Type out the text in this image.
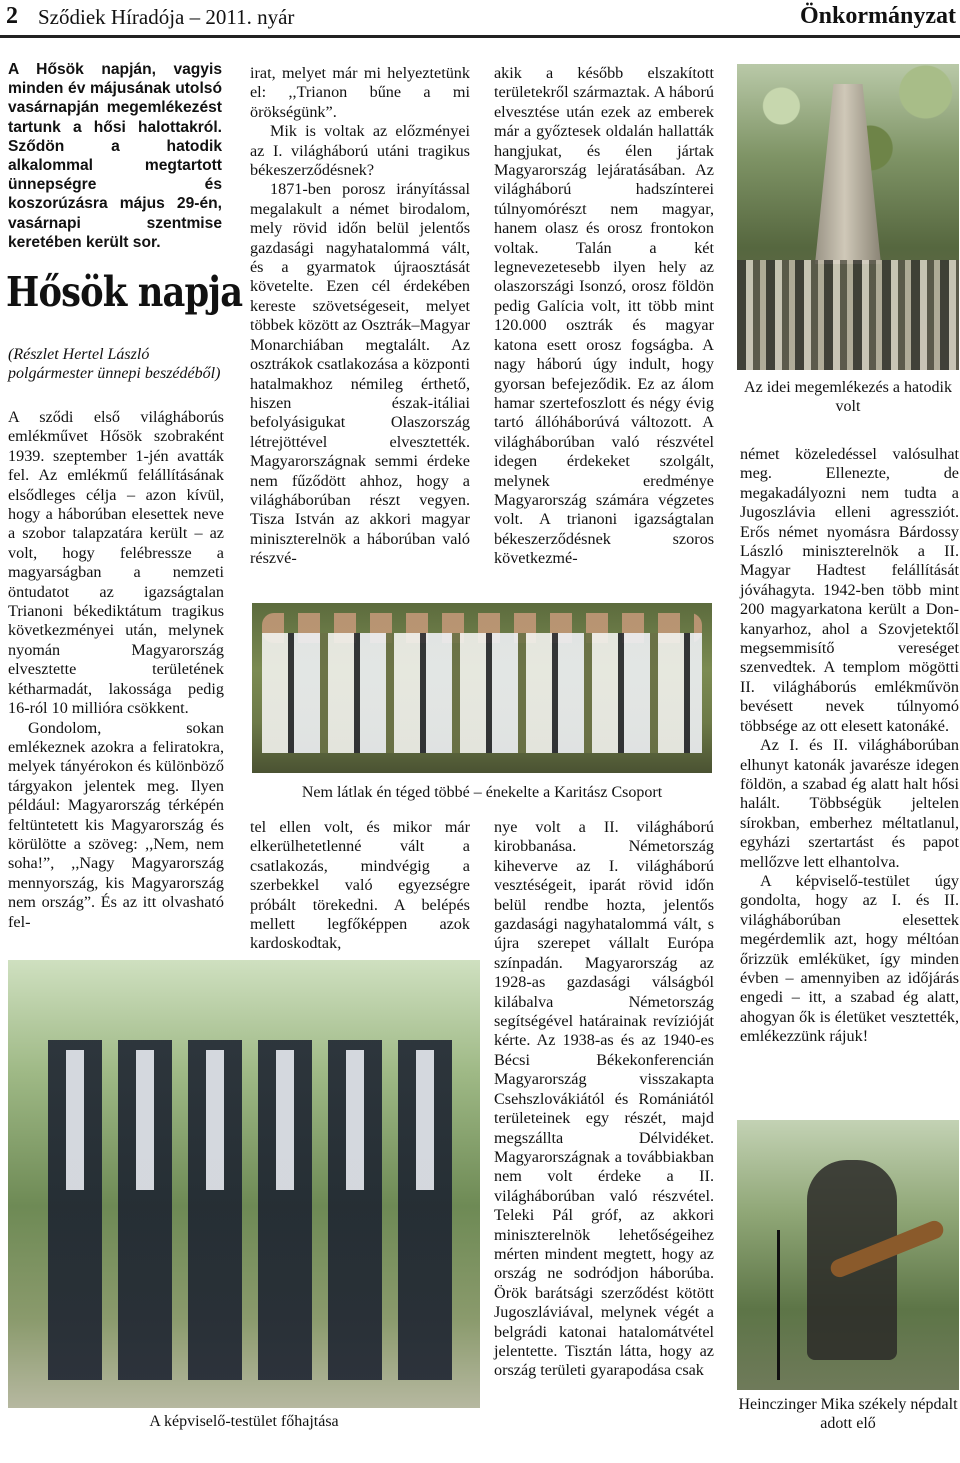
2 Sződiek Híradója – 2011. nyár	Önkormányzat
A Hősök napján, vagyis minden év májusának utolsó vasárnapján megemlékezést tartunk a hősi halottakról. Sződön a hatodik alkalommal megtartott ünnepségre és koszorúzásra május 29-én, vasárnapi szentmise keretében került sor.
Hősök napja
(Részlet Hertel László polgármester ünnepi beszédéből)

A sződi első világháborús emlékművet Hősök szobraként 1939. szeptember 1-jén avatták fel. Az emlékmű felállításának elsődleges célja – azon kívül, hogy a háborúban elesettek neve a szobor talapzatára került – az volt, hogy felébressze a magyarságban a nemzeti öntudatot az igazságtalan Trianoni békediktátum tragikus következményei után, melynek nyomán Magyarország elvesztette területének kétharmadát, lakossága pedig 16-ról 10 millióra csökkent.

Gondolom, sokan emlékeznek azokra a feliratokra, melyek tányérokon és különböző tárgyakon jelentek meg. Ilyen például: Magyarország térképén feltüntetett kis Magyarország és körülötte a szöveg: ,,Nem, nem soha!”, ,,Nagy Magyarország mennyország, kis Magyarország nem ország”. És az itt olvasható fel-

irat, melyet már mi helyeztetünk el: ,,Trianon bűne a mi örökségünk”.

Mik is voltak az előzményei az I. világháború utáni tragikus békeszerződésnek?

1871-ben porosz irányítással megalakult a német birodalom, mely rövid időn belül jelentős gazdasági nagyhatalommá vált, és a gyarmatok újraosztását követelte. Ezen cél érdekében kereste szövetségeseit, melyet többek között az Osztrák–Magyar Monarchiában megtalált. Az osztrákok csatlakozása a központi hatalmakhoz némileg érthető, hiszen észak-itáliai befolyásigukat Olaszország létrejöttével elvesztették. Magyarországnak semmi érdeke nem fűződött ahhoz, hogy a világháborúban részt vegyen. Tisza István az akkori magyar miniszterelnök a háborúban való részvé-

akik a később elszakított területekről származtak. A háború elvesztése után ezek az emberek már a győztesek oldalán hallatták hangjukat, és élen jártak Magyarország lejáratásában. Az világháború hadszínterei túlnyomórészt nem magyar, hanem olasz és orosz frontokon voltak. Talán a két legnevezetesebb ilyen hely az olaszországi Isonzó, orosz földön pedig Galícia volt, itt több mint 120.000 osztrák és magyar katona esett orosz fogságba. A nagy háború úgy indult, hogy gyorsan befejeződik. Ez az álom hamar szertefoszlott és négy évig tartó állóháborúvá változott. A világháborúban való részvétel idegen érdekeket szolgált, melynek eredménye Magyarország számára végzetes volt. A trianoni igazságtalan békeszerződésnek szoros következmé-

Az idei megemlékezés a hatodik volt

német közeledéssel valósulhat meg. Ellenezte, de megakadályozni nem tudta a Jugoszlávia elleni agressziót. Erős német nyomásra Bárdossy László miniszterelnök a II. Magyar Hadtest felállítását jóváhagyta. 1942-ben több mint 200 magyarkatona került a Don-kanyarhoz, ahol a Szovjetektől megsemmisítő vereséget szenvedtek. A templom mögötti II. világháborús emlékművön bevésett nevek túlnyomó többsége az ott elesett katonáké.

Az I. és II. világháborúban elhunyt katonák javarésze idegen földön, a szabad ég alatt halt hősi halált. Többségük jeltelen sírokban, emberhez méltatlanul, egyházi szertartást és papot mellőzve lett elhantolva.

A képviselő-testület úgy gondolta, hogy az I. és II. világháborúban elesettek megérdemlik azt, hogy méltóan őrizzük emléküket, így minden évben – amennyiben az időjárás engedi – itt, a szabad ég alatt, ahogyan ők is életüket vesztették, emlékezzünk rájuk!

Nem látlak én téged többé – énekelte a Karitász Csoport

tel ellen volt, és mikor már elkerülhetetlenné vált a csatlakozás, mindvégig a szerbekkel való egyezségre próbált törekedni. A belépés mellett legfőképpen azok kardoskodtak,

nye volt a II. világháború kirobbanása. Németország kiheverve az I. világháború vesztéségeit, iparát rövid időn belül rendbe hozta, jelentős gazdasági nagyhatalommá vált, s újra szerepet vállalt Európa színpadán. Magyarország az 1928-as gazdasági válságból kilábalva Németország segítségével határainak revízióját kérte. Az 1938-as és az 1940-es Bécsi Békekonferencián Magyarország visszakapta Csehszlovákiától és Romániától területeinek egy részét, majd megszállta Délvidéket. Magyarországnak a továbbiakban nem volt érdeke a II. világháborúban való részvétel. Teleki Pál gróf, az akkori miniszterelnök lehetőségeihez mérten mindent megtett, hogy az ország ne sodródjon háborúba. Örök barátsági szerződést kötött Jugoszláviával, melynek végét a belgrádi katonai hatalomátvétel jelentette. Tisztán látta, hogy az ország területi gyarapodása csak

A képviselő-testület főhajtása
Heinczinger Mika székely népdalt adott elő
